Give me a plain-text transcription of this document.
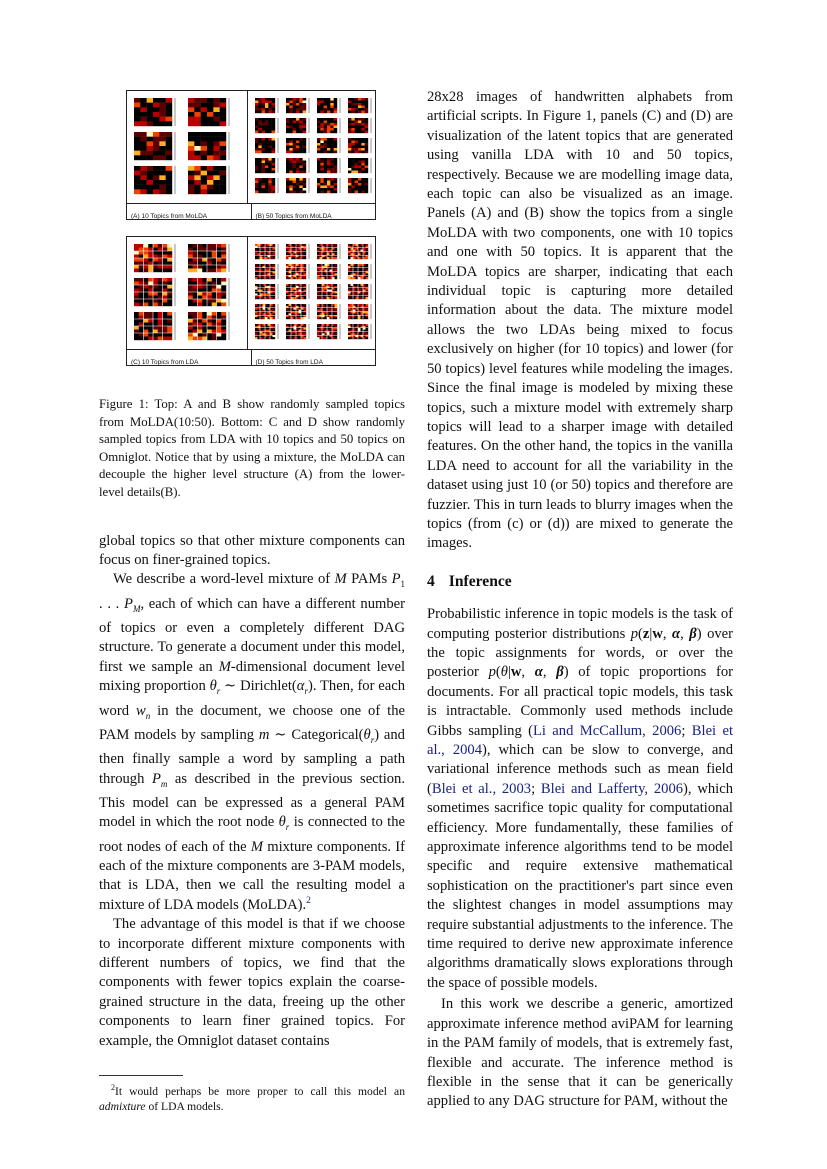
(A) 10 Topics from MoLDA	(B) 50 Topics from MoLDA
(C) 10 Topics from LDA	(D) 50 Topics from LDA

Figure 1: Top: A and B show randomly sampled topics from MoLDA(10:50). Bottom: C and D show randomly sampled topics from LDA with 10 topics and 50 topics on Omniglot. Notice that by using a mixture, the MoLDA can decouple the higher level structure (A) from the lower-level details(B).

global topics so that other mixture components can focus on finer-grained topics.

We describe a word-level mixture of M PAMs $P_1$ . . . $P_M$, each of which can have a different number of topics or even a completely different DAG structure. To generate a document under this model, first we sample an M-dimensional document level mixing proportion $\theta_r$ ∼ $Dirichlet(\alpha_r)$. Then, for each word $w_n$ in the document, we choose one of the PAM models by sampling m ∼ $Categorical(\theta_r)$ and then finally sample a word by sampling a path through $P_m$ as described in the previous section. This model can be expressed as a general PAM model in which the root node $\theta_r$ is connected to the root nodes of each of the M mixture components. If each of the mixture components are 3-PAM models, that is LDA, then we call the resulting model a mixture of LDA models (MoLDA).$^2$

The advantage of this model is that if we choose to incorporate different mixture components with different numbers of topics, we find that the components with fewer topics explain the coarse-grained structure in the data, freeing up the other components to learn finer grained topics. For example, the Omniglot dataset contains

$^2$It would perhaps be more proper to call this model an admixture of LDA models.

28x28 images of handwritten alphabets from artificial scripts. In Figure 1, panels (C) and (D) are visualization of the latent topics that are generated using vanilla LDA with 10 and 50 topics, respectively. Because we are modelling image data, each topic can also be visualized as an image. Panels (A) and (B) show the topics from a single MoLDA with two components, one with 10 topics and one with 50 topics. It is apparent that the MoLDA topics are sharper, indicating that each individual topic is capturing more detailed information about the data. The mixture model allows the two LDAs being mixed to focus exclusively on higher (for 10 topics) and lower (for 50 topics) level features while modeling the images. Since the final image is modeled by mixing these topics, such a mixture model with extremely sharp topics will lead to a sharper image with detailed features. On the other hand, the topics in the vanilla LDA need to account for all the variability in the dataset using just 10 (or 50) topics and therefore are fuzzier. This in turn leads to blurry images when the topics (from (c) or (d)) are mixed to generate the images.

4 Inference

Probabilistic inference in topic models is the task of computing posterior distributions p(z|w, α, β) over the topic assignments for words, or over the posterior p(θ|w, α, β) of topic proportions for documents. For all practical topic models, this task is intractable. Commonly used methods include Gibbs sampling (Li and McCallum, 2006; Blei et al., 2004), which can be slow to converge, and variational inference methods such as mean field (Blei et al., 2003; Blei and Lafferty, 2006), which sometimes sacrifice topic quality for computational efficiency. More fundamentally, these families of approximate inference algorithms tend to be model specific and require extensive mathematical sophistication on the practitioner's part since even the slightest changes in model assumptions may require substantial adjustments to the inference. The time required to derive new approximate inference algorithms dramatically slows explorations through the space of possible models.

In this work we describe a generic, amortized approximate inference method aviPAM for learning in the PAM family of models, that is extremely fast, flexible and accurate. The inference method is flexible in the sense that it can be generically applied to any DAG structure for PAM, without the
